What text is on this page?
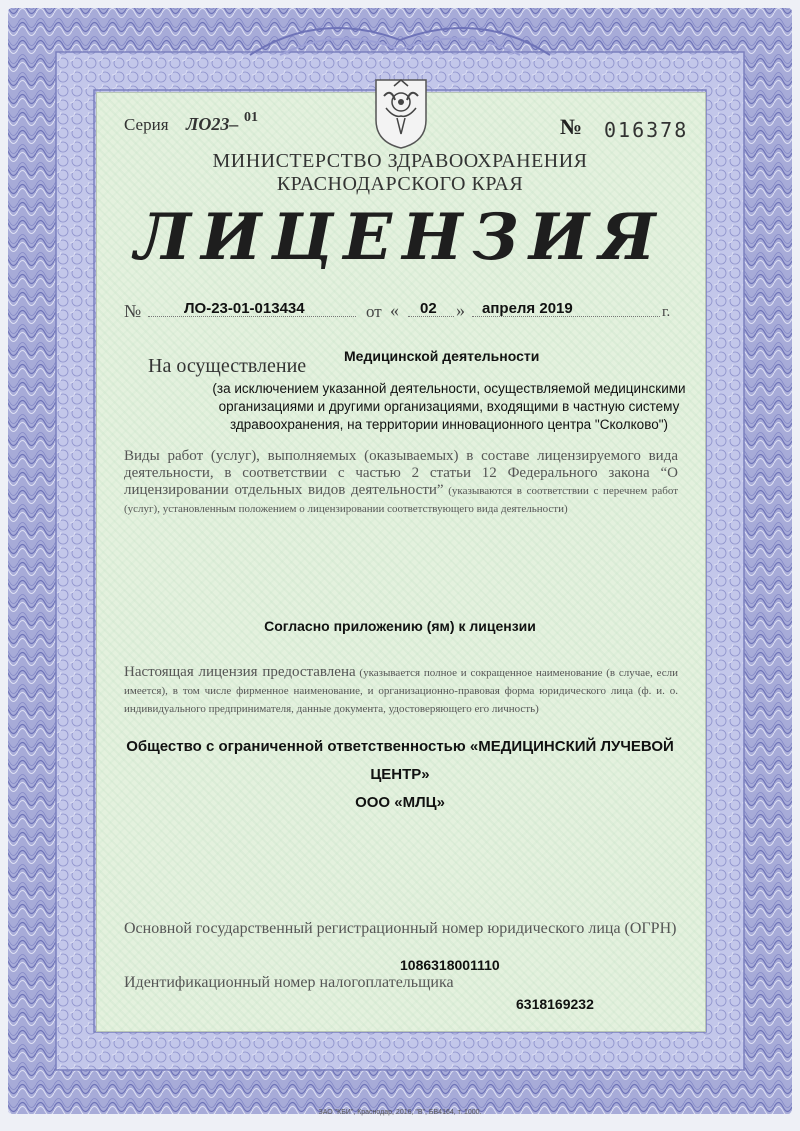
Серия ЛО23– 01	№ 016378
МИНИСТЕРСТВО ЗДРАВООХРАНЕНИЯ
КРАСНОДАРСКОГО КРАЯ
ЛИЦЕНЗИЯ
№	ЛО-23-01-013434	от « 02 » апреля 2019	г.
На осуществление	Медицинской деятельности
(за исключением указанной деятельности, осуществляемой медицинскими
организациями и другими организациями, входящими в частную систему
здравоохранения, на территории инновационного центра "Сколково")
Виды работ (услуг), выполняемых (оказываемых) в составе лицензируемого вида деятельности, в соответствии с частью 2 статьи 12 Федерального закона “О лицензировании отдельных видов деятельности” (указываются в соответствии с перечнем работ (услуг), установленным положением о лицензировании соответствующего вида деятельности)
Согласно приложению (ям) к лицензии
Настоящая лицензия предоставлена (указывается полное и сокращенное наименование (в случае, если имеется), в том числе фирменное наименование, и организационно-правовая форма юридического лица (ф. и. о. индивидуального предпринимателя, данные документа, удостоверяющего его личность)
Общество с ограниченной ответственностью «МЕДИЦИНСКИЙ ЛУЧЕВОЙ
ЦЕНТР»
ООО «МЛЦ»
Основной государственный регистрационный номер юридического лица (ОГРН)
1086318001110
Идентификационный номер налогоплательщика
6318169232
ЗАО "КБИ", Краснодар, 2016, "В", БВ4164, т. 1000.
